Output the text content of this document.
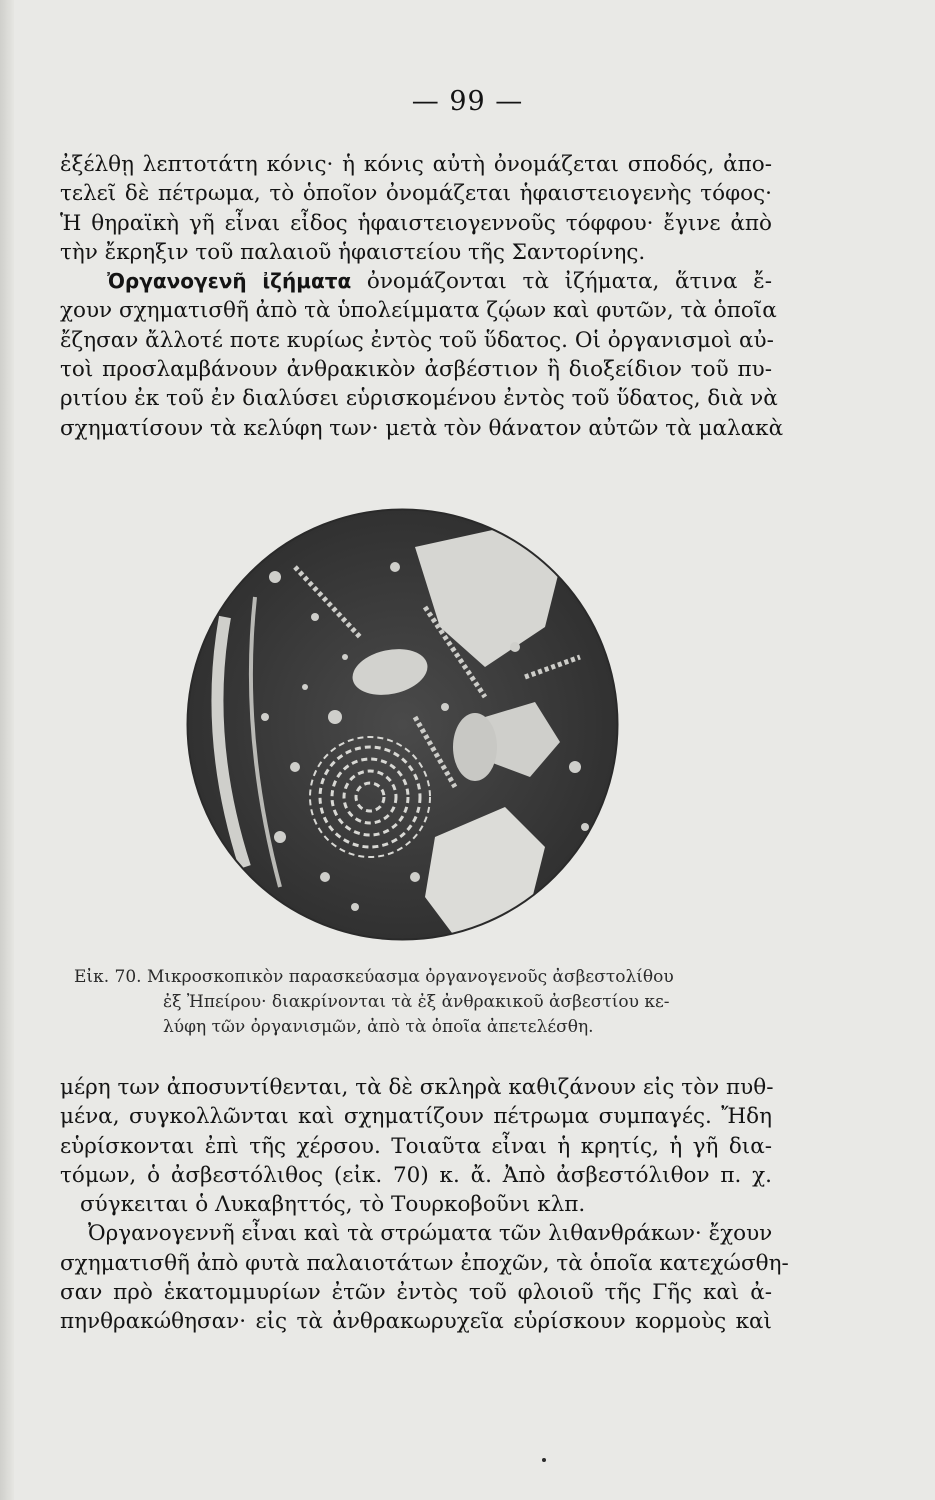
— 99 —
ἐξέλθῃ λεπτοτάτη κόνις· ἡ κόνις αὐτὴ ὀνομάζεται σποδός, ἀπο-
τελεῖ δὲ πέτρωμα, τὸ ὁποῖον ὀνομάζεται ἡφαιστειογενὴς τόφος·
Ἡ θηραϊκὴ γῆ εἶναι εἶδος ἡφαιστειογεννοῦς τόφφου· ἔγινε ἀπὸ
τὴν ἔκρηξιν τοῦ παλαιοῦ ἡφαιστείου τῆς Σαντορίνης.
Ὀργανογενῆ ἰζήματα ὀνομάζονται τὰ ἰζήματα, ἅτινα ἔ-
χουν σχηματισθῆ ἀπὸ τὰ ὑπολείμματα ζῴων καὶ φυτῶν, τὰ ὁποῖα
ἔζησαν ἄλλοτέ ποτε κυρίως ἐντὸς τοῦ ὕδατος. Οἱ ὀργανισμοὶ αὐ-
τοὶ προσλαμβάνουν ἀνθρακικὸν ἀσβέστιον ἢ διοξείδιον τοῦ πυ-
ριτίου ἐκ τοῦ ἐν διαλύσει εὑρισκομένου ἐντὸς τοῦ ὕδατος, διὰ νὰ
σχηματίσουν τὰ κελύφη των· μετὰ τὸν θάνατον αὐτῶν τὰ μαλακὰ
Εἰκ. 70. Μικροσκοπικὸν παρασκεύασμα ὀργανογενοῦς ἀσβεστολίθου
ἐξ Ἠπείρου· διακρίνονται τὰ ἐξ ἀνθρακικοῦ ἀσβεστίου κε-
λύφη τῶν ὀργανισμῶν, ἀπὸ τὰ ὁποῖα ἀπετελέσθη.
μέρη των ἀποσυντίθενται, τὰ δὲ σκληρὰ καθιζάνουν εἰς τὸν πυθ-
μένα, συγκολλῶνται καὶ σχηματίζουν πέτρωμα συμπαγές. Ἤδη
εὑρίσκονται ἐπὶ τῆς χέρσου. Τοιαῦτα εἶναι ἡ κρητίς, ἡ γῆ δια-
τόμων, ὁ ἀσβεστόλιθος (εἰκ. 70) κ. ἄ. Ἀπὸ ἀσβεστόλιθον π. χ.
σύγκειται ὁ Λυκαβηττός, τὸ Τουρκοβοῦνι κλπ.
Ὀργανογεννῆ εἶναι καὶ τὰ στρώματα τῶν λιθανθράκων· ἔχουν
σχηματισθῆ ἀπὸ φυτὰ παλαιοτάτων ἐποχῶν, τὰ ὁποῖα κατεχώσθη-
σαν πρὸ ἑκατομμυρίων ἐτῶν ἐντὸς τοῦ φλοιοῦ τῆς Γῆς καὶ ἀ-
πηνθρακώθησαν· εἰς τὰ ἀνθρακωρυχεῖα εὑρίσκουν κορμοὺς καὶ
